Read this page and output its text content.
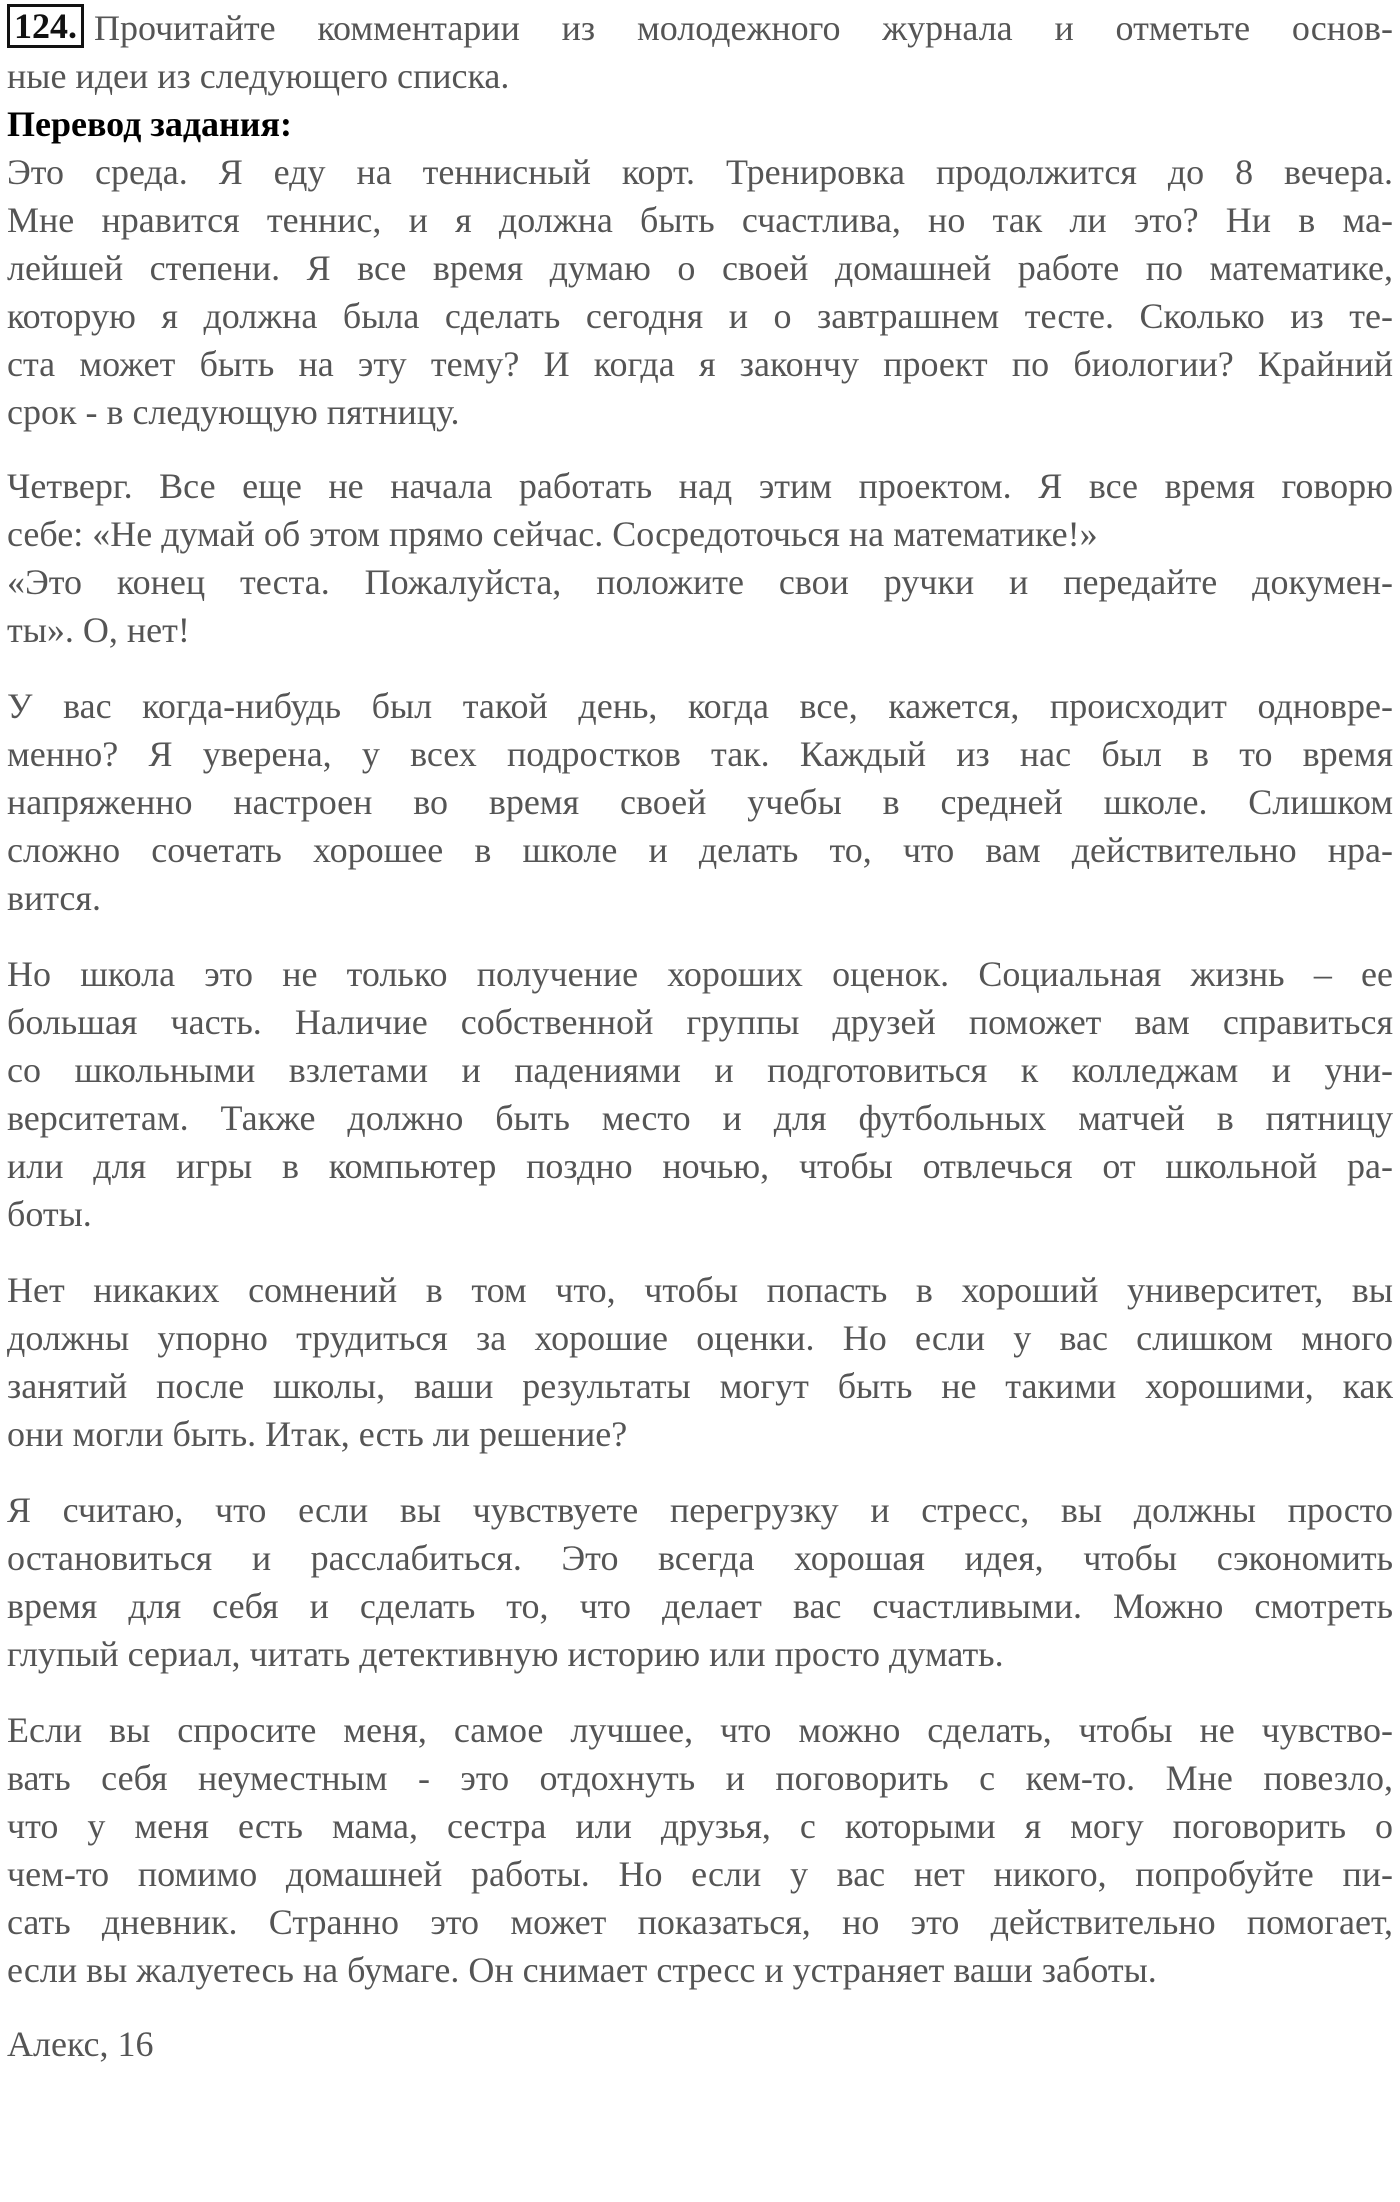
124. Прочитайте комментарии из молодежного журнала и отметьте основ-
ные идеи из следующего списка.
Перевод задания:
Это среда. Я еду на теннисный корт. Тренировка продолжится до 8 вечера.
Мне нравится теннис, и я должна быть счастлива, но так ли это? Ни в ма-
лейшей степени. Я все время думаю о своей домашней работе по математике,
которую я должна была сделать сегодня и о завтрашнем тесте. Сколько из те-
ста может быть на эту тему? И когда я закончу проект по биологии? Крайний
срок - в следующую пятницу.
Четверг. Все еще не начала работать над этим проектом. Я все время говорю
себе: «Не думай об этом прямо сейчас. Сосредоточься на математике!»
«Это конец теста. Пожалуйста, положите свои ручки и передайте докумен-
ты». О, нет!
У вас когда-нибудь был такой день, когда все, кажется, происходит одновре-
менно? Я уверена, у всех подростков так. Каждый из нас был в то время
напряженно настроен во время своей учебы в средней школе. Слишком
сложно сочетать хорошее в школе и делать то, что вам действительно нра-
вится.
Но школа это не только получение хороших оценок. Социальная жизнь – ее
большая часть. Наличие собственной группы друзей поможет вам справиться
со школьными взлетами и падениями и подготовиться к колледжам и уни-
верситетам. Также должно быть место и для футбольных матчей в пятницу
или для игры в компьютер поздно ночью, чтобы отвлечься от школьной ра-
боты.
Нет никаких сомнений в том что, чтобы попасть в хороший университет, вы
должны упорно трудиться за хорошие оценки. Но если у вас слишком много
занятий после школы, ваши результаты могут быть не такими хорошими, как
они могли быть. Итак, есть ли решение?
Я считаю, что если вы чувствуете перегрузку и стресс, вы должны просто
остановиться и расслабиться. Это всегда хорошая идея, чтобы сэкономить
время для себя и сделать то, что делает вас счастливыми. Можно смотреть
глупый сериал, читать детективную историю или просто думать.
Если вы спросите меня, самое лучшее, что можно сделать, чтобы не чувство-
вать себя неуместным - это отдохнуть и поговорить с кем-то. Мне повезло,
что у меня есть мама, сестра или друзья, с которыми я могу поговорить о
чем-то помимо домашней работы. Но если у вас нет никого, попробуйте пи-
сать дневник. Странно это может показаться, но это действительно помогает,
если вы жалуетесь на бумаге. Он снимает стресс и устраняет ваши заботы.
Алекс, 16
